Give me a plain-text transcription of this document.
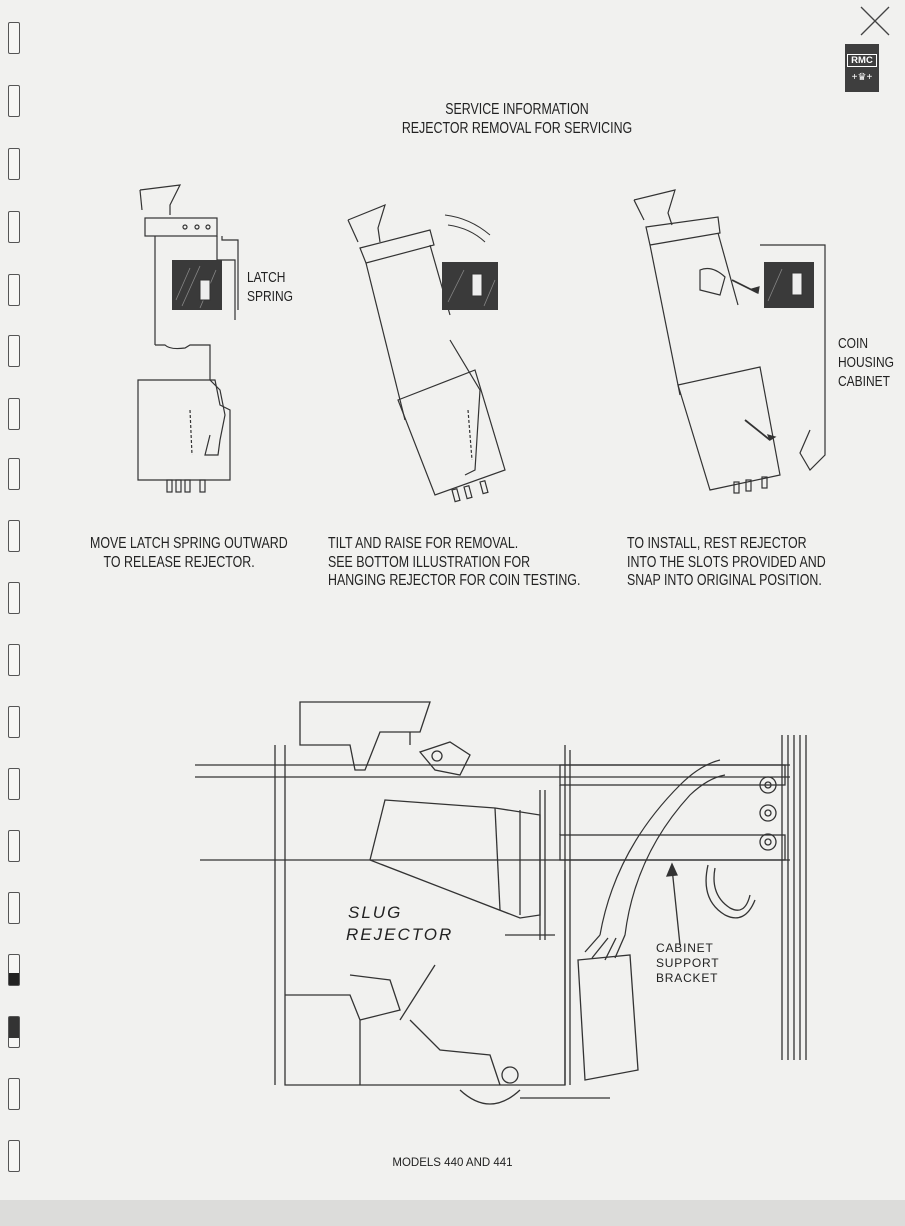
RMC
+♛+
SERVICE INFORMATION
REJECTOR REMOVAL FOR SERVICING
LATCH
SPRING
COIN
HOUSING
CABINET
MOVE LATCH SPRING OUTWARD
TO RELEASE REJECTOR.
TILT AND RAISE FOR REMOVAL.
SEE BOTTOM ILLUSTRATION FOR
HANGING REJECTOR FOR COIN TESTING.
TO INSTALL, REST REJECTOR
INTO THE SLOTS PROVIDED AND
SNAP INTO ORIGINAL POSITION.
SLUG
REJECTOR
CABINET
SUPPORT
BRACKET
MODELS 440 AND 441
